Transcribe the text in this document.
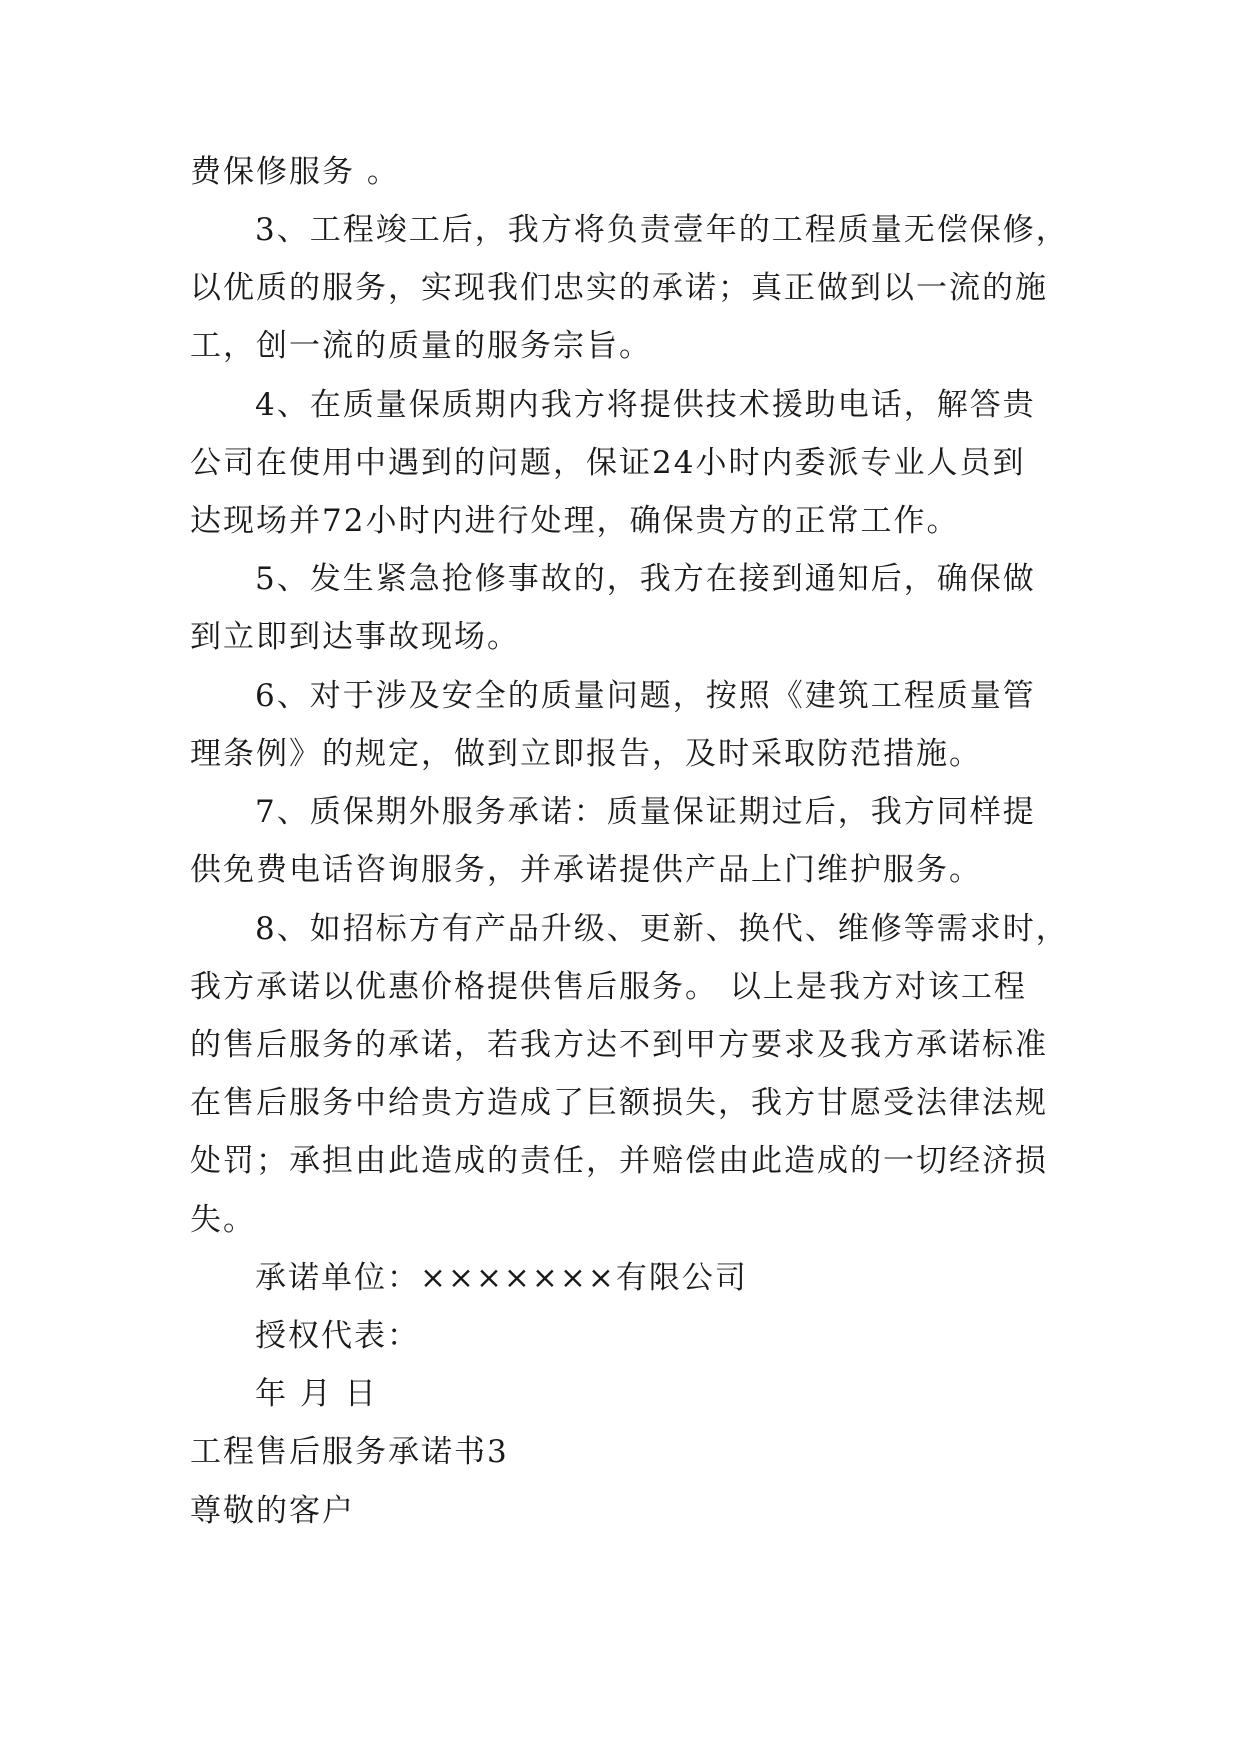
费保修服务 。

3、工程竣工后，我方将负责壹年的工程质量无偿保修，

以优质的服务，实现我们忠实的承诺；真正做到以一流的施

工，创一流的质量的服务宗旨。

4、在质量保质期内我方将提供技术援助电话，解答贵

公司在使用中遇到的问题，保证24小时内委派专业人员到

达现场并72小时内进行处理，确保贵方的正常工作。

5、发生紧急抢修事故的，我方在接到通知后，确保做

到立即到达事故现场。

6、对于涉及安全的质量问题，按照《建筑工程质量管

理条例》的规定，做到立即报告，及时采取防范措施。

7、质保期外服务承诺：质量保证期过后，我方同样提

供免费电话咨询服务，并承诺提供产品上门维护服务。

8、如招标方有产品升级、更新、换代、维修等需求时，

我方承诺以优惠价格提供售后服务。 以上是我方对该工程

的售后服务的承诺，若我方达不到甲方要求及我方承诺标准

在售后服务中给贵方造成了巨额损失，我方甘愿受法律法规

处罚；承担由此造成的责任，并赔偿由此造成的一切经济损

失。

承诺单位：×××××××有限公司

授权代表：

年 月 日

工程售后服务承诺书3

尊敬的客户
